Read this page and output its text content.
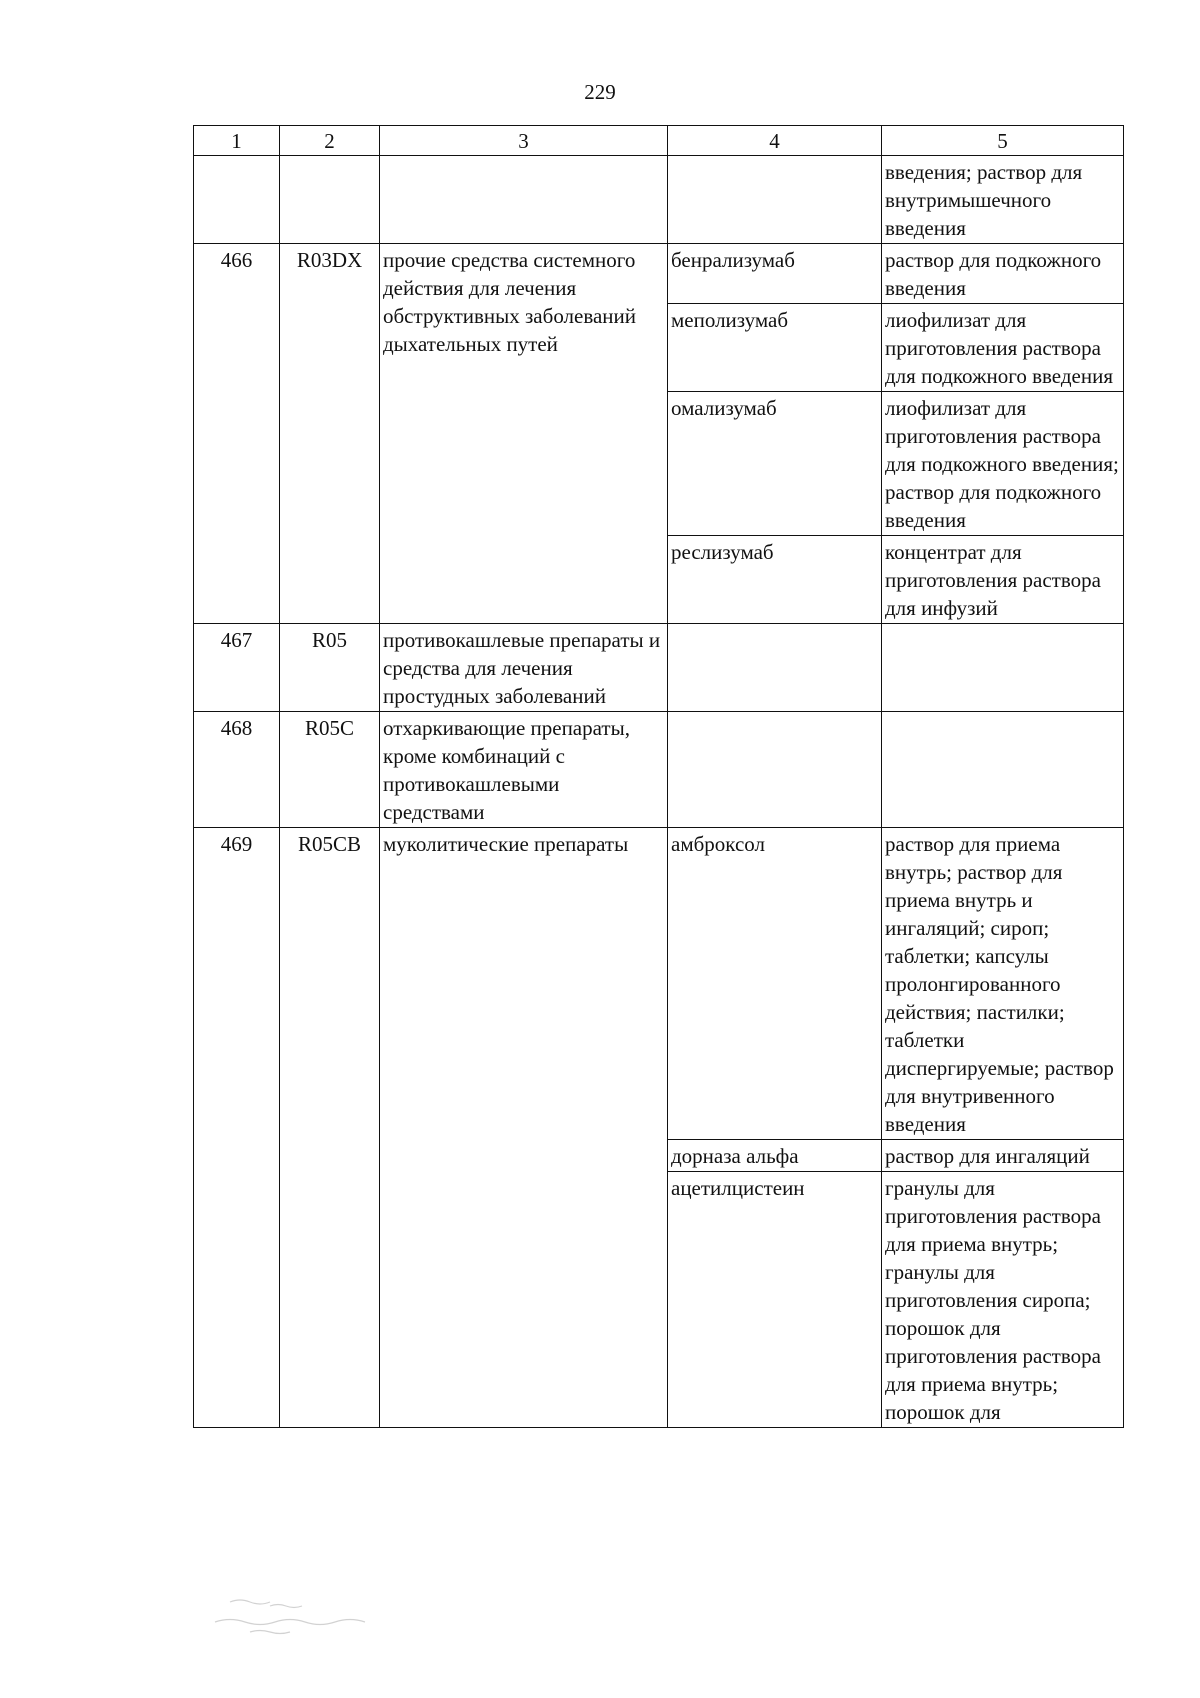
229
1	2	3	4	5
				введения; раствор для внутримышечного введения
466	R03DX	прочие средства системного действия для лечения обструктивных заболеваний дыхательных путей	бенрализумаб	раствор для подкожного введения
			меполизумаб	лиофилизат для приготовления раствора для подкожного введения
			омализумаб	лиофилизат для приготовления раствора для подкожного введения; раствор для подкожного введения
			реслизумаб	концентрат для приготовления раствора для инфузий
467	R05	противокашлевые препараты и средства для лечения простудных заболеваний		
468	R05C	отхаркивающие препараты, кроме комбинаций с противокашлевыми средствами		
469	R05CB	муколитические препараты	амброксол	раствор для приема внутрь; раствор для приема внутрь и ингаляций; сироп; таблетки; капсулы пролонгированного действия; пастилки; таблетки диспергируемые; раствор для внутривенного введения
			дорназа альфа	раствор для ингаляций
			ацетилцистеин	гранулы для приготовления раствора для приема внутрь; гранулы для приготовления сиропа; порошок для приготовления раствора для приема внутрь; порошок для
